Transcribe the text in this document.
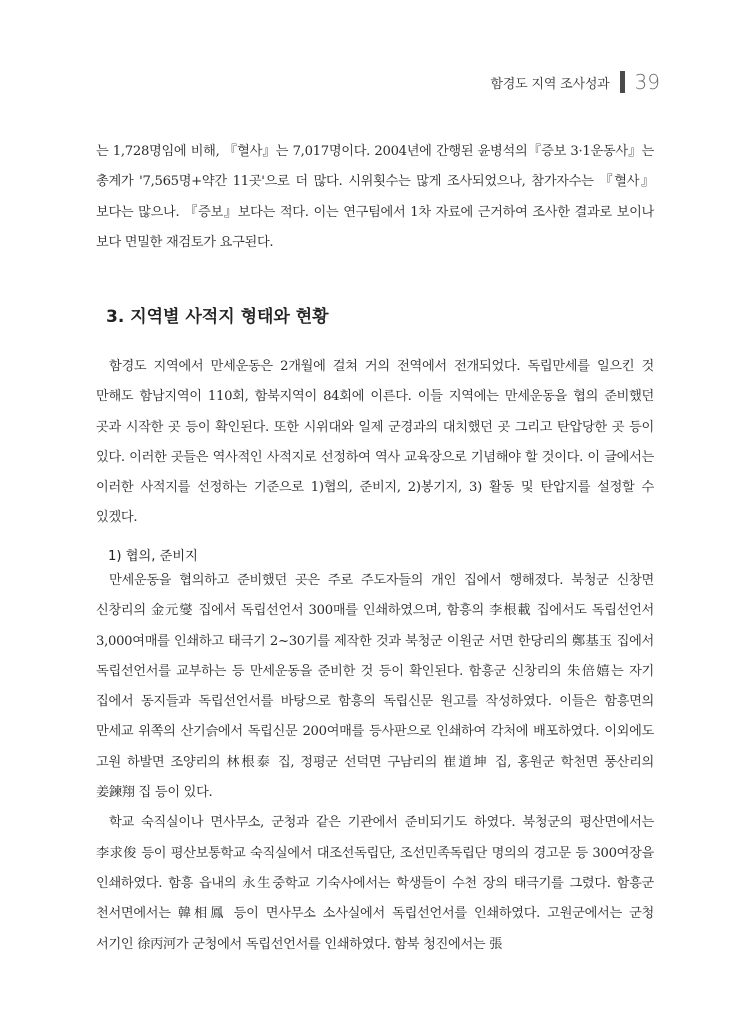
함경도 지역 조사성과 39

는 1,728명임에 비해, 『혈사』는 7,017명이다. 2004년에 간행된 윤병석의『증보 3·1운동사』는 총계가 '7,565명+약간 11곳'으로 더 많다. 시위횟수는 많게 조사되었으나, 참가자수는 『혈사』보다는 많으나. 『증보』보다는 적다. 이는 연구팀에서 1차 자료에 근거하여 조사한 결과로 보이나 보다 면밀한 재검토가 요구된다.

3. 지역별 사적지 형태와 현황

함경도 지역에서 만세운동은 2개월에 걸쳐 거의 전역에서 전개되었다. 독립만세를 일으킨 것 만해도 함남지역이 110회, 함북지역이 84회에 이른다. 이들 지역에는 만세운동을 협의 준비했던 곳과 시작한 곳 등이 확인된다. 또한 시위대와 일제 군경과의 대치했던 곳 그리고 탄압당한 곳 등이 있다. 이러한 곳들은 역사적인 사적지로 선정하여 역사 교육장으로 기념해야 할 것이다. 이 글에서는 이러한 사적지를 선정하는 기준으로 1)협의, 준비지, 2)봉기지, 3) 활동 및 탄압지를 설정할 수 있겠다.

1) 협의, 준비지

만세운동을 협의하고 준비했던 곳은 주로 주도자들의 개인 집에서 행해졌다. 북청군 신창면 신창리의 金元燮 집에서 독립선언서 300매를 인쇄하였으며, 함흥의 李根載 집에서도 독립선언서 3,000여매를 인쇄하고 태극기 2~30기를 제작한 것과 북청군 이원군 서면 한당리의 鄭基玉 집에서 독립선언서를 교부하는 등 만세운동을 준비한 것 등이 확인된다. 함흥군 신창리의 朱倍嬉는 자기 집에서 동지들과 독립선언서를 바탕으로 함흥의 독립신문 원고를 작성하였다. 이들은 함흥면의 만세교 위쪽의 산기슭에서 독립신문 200여매를 등사판으로 인쇄하여 각처에 배포하였다. 이외에도 고원 하발면 조양리의 林根泰 집, 정평군 선덕면 구남리의 崔道坤 집, 홍원군 학천면 풍산리의 姜鍊翔 집 등이 있다.

학교 숙직실이나 면사무소, 군청과 같은 기관에서 준비되기도 하였다. 북청군의 평산면에서는 李求俊 등이 평산보통학교 숙직실에서 대조선독립단, 조선민족독립단 명의의 경고문 등 300여장을 인쇄하였다. 함흥 읍내의 永生중학교 기숙사에서는 학생들이 수천 장의 태극기를 그렸다. 함흥군 천서면에서는 韓相鳳 등이 면사무소 소사실에서 독립선언서를 인쇄하였다. 고원군에서는 군청 서기인 徐丙河가 군청에서 독립선언서를 인쇄하였다. 함북 청진에서는 張
